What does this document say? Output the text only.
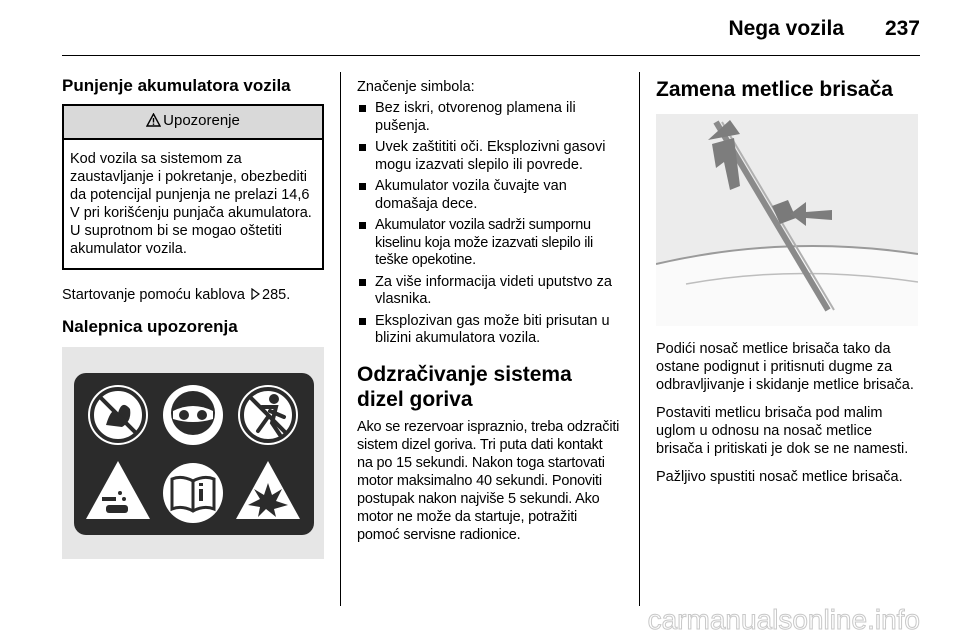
Nega vozila 237
Punjenje akumulatora vozila
Upozorenje
Kod vozila sa sistemom za zaustavljanje i pokretanje, obezbediti da potencijal punjenja ne prelazi 14,6 V pri korišćenju punjača akumulatora. U suprotnom bi se mogao oštetiti akumulator vozila.

Startovanje pomoću kablova 285.

Nalepnica upozorenja

Značenje simbola:

Bez iskri, otvorenog plamena ili pušenja.
Uvek zaštititi oči. Eksplozivni gasovi mogu izazvati slepilo ili povrede.
Akumulator vozila čuvajte van domašaja dece.
Akumulator vozila sadrži sumpornu kiselinu koja može izazvati slepilo ili teške opekotine.
Za više informacija videti uputstvo za vlasnika.
Eksplozivan gas može biti prisutan u blizini akumulatora vozila.
Odzračivanje sistema dizel goriva

Ako se rezervoar ispraznio, treba odzračiti sistem dizel goriva. Tri puta dati kontakt na po 15 sekundi. Nakon toga startovati motor maksimalno 40 sekundi. Ponoviti postupak nakon najviše 5 sekundi. Ako motor ne može da startuje, potražiti pomoć servisne radionice.

Zamena metlice brisača

Podići nosač metlice brisača tako da ostane podignut i pritisnuti dugme za odbravljivanje i skidanje metlice brisača.

Postaviti metlicu brisača pod malim uglom u odnosu na nosač metlice brisača i pritiskati je dok se ne namesti.

Pažljivo spustiti nosač metlice brisača.

carmanualsonline.info
